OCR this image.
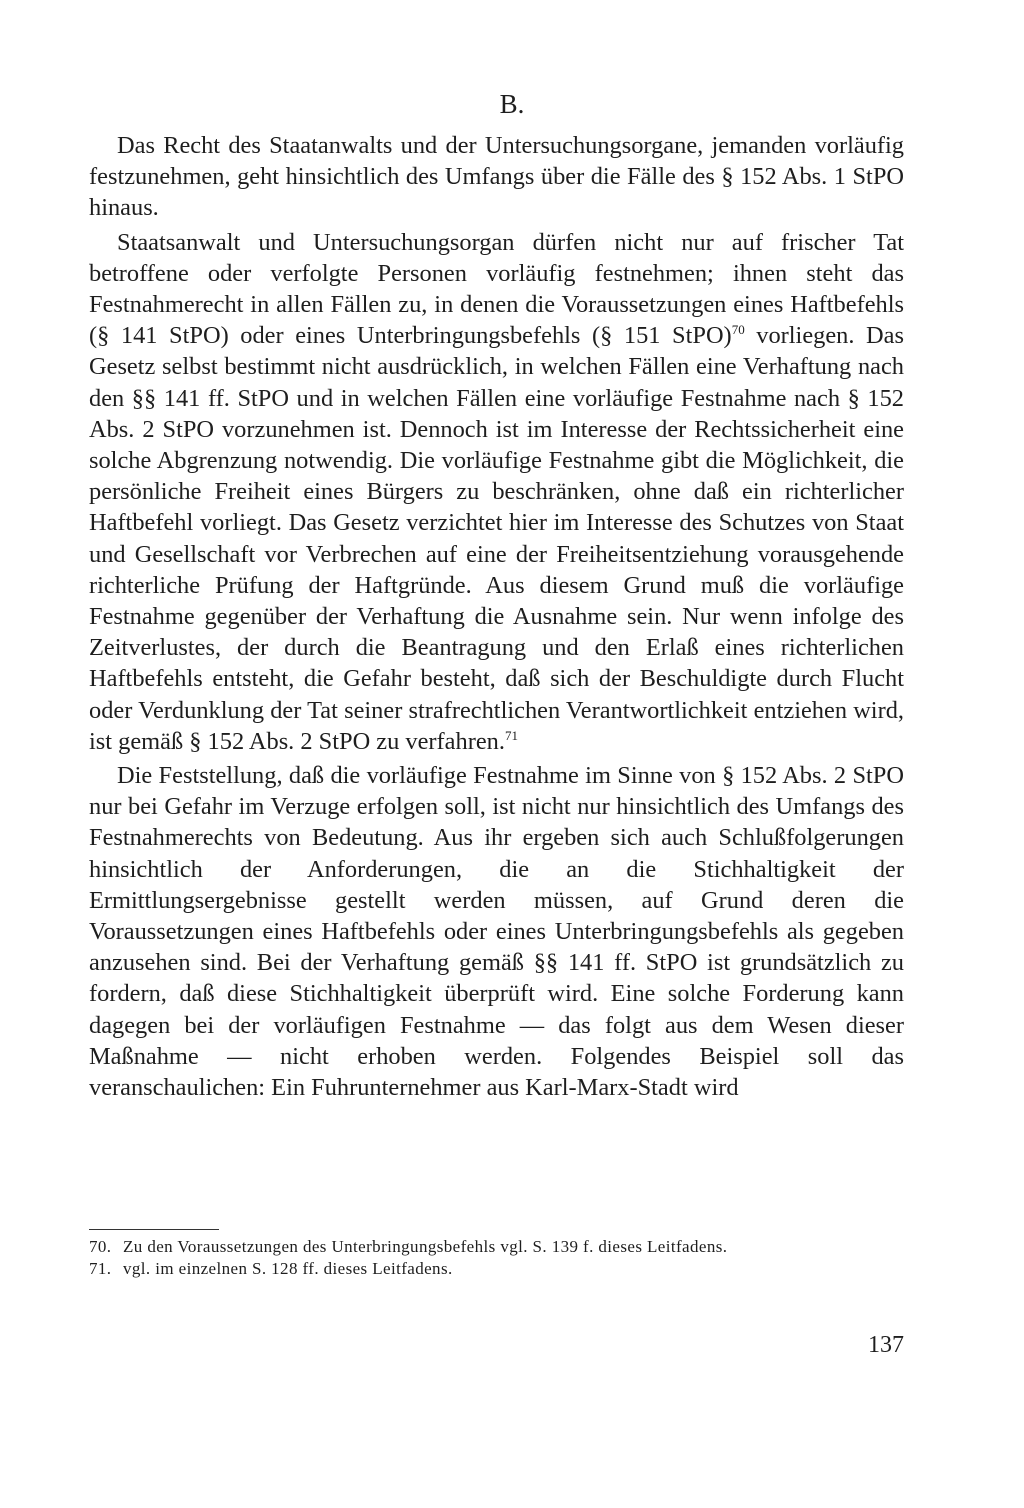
B.

Das Recht des Staatanwalts und der Untersuchungsorgane, jemanden vorläufig festzunehmen, geht hinsichtlich des Umfangs über die Fälle des § 152 Abs. 1 StPO hinaus.

Staatsanwalt und Untersuchungsorgan dürfen nicht nur auf frischer Tat betroffene oder verfolgte Personen vorläufig festnehmen; ihnen steht das Festnahmerecht in allen Fällen zu, in denen die Voraussetzungen eines Haftbefehls (§ 141 StPO) oder eines Unterbringungsbefehls (§ 151 StPO)$^{70}$ vorliegen. Das Gesetz selbst bestimmt nicht ausdrücklich, in welchen Fällen eine Verhaftung nach den §§ 141 ff. StPO und in welchen Fällen eine vorläufige Festnahme nach § 152 Abs. 2 StPO vorzunehmen ist. Dennoch ist im Interesse der Rechtssicherheit eine solche Abgrenzung notwendig. Die vorläufige Festnahme gibt die Möglichkeit, die persönliche Freiheit eines Bürgers zu beschränken, ohne daß ein richterlicher Haftbefehl vorliegt. Das Gesetz verzichtet hier im Interesse des Schutzes von Staat und Gesellschaft vor Verbrechen auf eine der Freiheitsentziehung vorausgehende richterliche Prüfung der Haftgründe. Aus diesem Grund muß die vorläufige Festnahme gegenüber der Verhaftung die Ausnahme sein. Nur wenn infolge des Zeitverlustes, der durch die Beantragung und den Erlaß eines richterlichen Haftbefehls entsteht, die Gefahr besteht, daß sich der Beschuldigte durch Flucht oder Verdunklung der Tat seiner strafrechtlichen Verantwortlichkeit entziehen wird, ist gemäß § 152 Abs. 2 StPO zu verfahren.$^{71}$

Die Feststellung, daß die vorläufige Festnahme im Sinne von § 152 Abs. 2 StPO nur bei Gefahr im Verzuge erfolgen soll, ist nicht nur hinsichtlich des Umfangs des Festnahmerechts von Bedeutung. Aus ihr ergeben sich auch Schlußfolgerungen hinsichtlich der Anforderungen, die an die Stichhaltigkeit der Ermittlungsergebnisse gestellt werden müssen, auf Grund deren die Voraussetzungen eines Haftbefehls oder eines Unterbringungsbefehls als gegeben anzusehen sind. Bei der Verhaftung gemäß §§ 141 ff. StPO ist grundsätzlich zu fordern, daß diese Stichhaltigkeit überprüft wird. Eine solche Forderung kann dagegen bei der vorläufigen Festnahme — das folgt aus dem Wesen dieser Maßnahme — nicht erhoben werden. Folgendes Beispiel soll das veranschaulichen: Ein Fuhrunternehmer aus Karl-Marx-Stadt wird

70. Zu den Voraussetzungen des Unterbringungsbefehls vgl. S. 139 f. dieses Leitfadens.
71. vgl. im einzelnen S. 128 ff. dieses Leitfadens.
137
